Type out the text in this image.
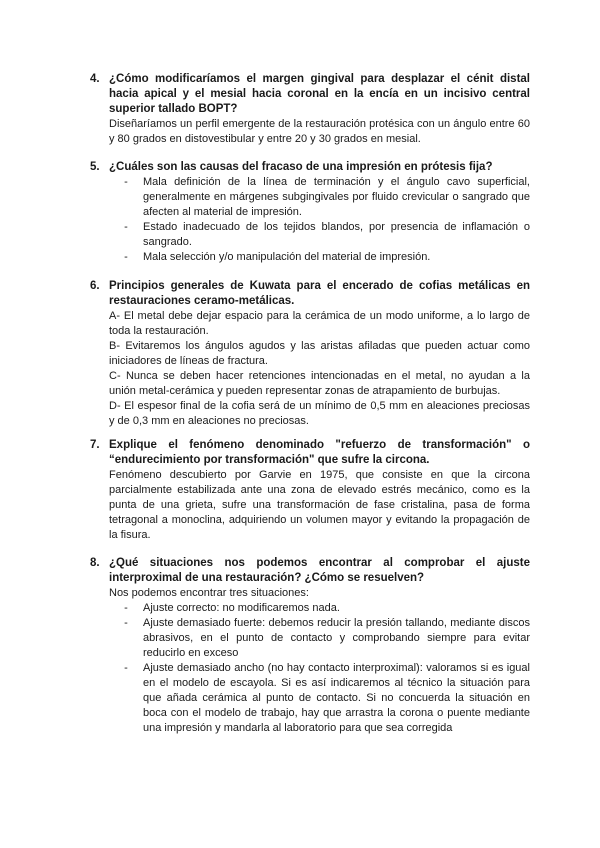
4. ¿Cómo modificaríamos el margen gingival para desplazar el cénit distal hacia apical y el mesial hacia coronal en la encía en un incisivo central superior tallado BOPT?

Diseñaríamos un perfil emergente de la restauración protésica con un ángulo entre 60 y 80 grados en distovestibular y entre 20 y 30 grados en mesial.

5. ¿Cuáles son las causas del fracaso de una impresión en prótesis fija?
-	Mala definición de la línea de terminación y el ángulo cavo superficial, generalmente en márgenes subgingivales por fluido crevicular o sangrado que afecten al material de impresión.
-	Estado inadecuado de los tejidos blandos, por presencia de inflamación o sangrado.
-	Mala selección y/o manipulación del material de impresión.
6. Principios generales de Kuwata para el encerado de cofias metálicas en restauraciones ceramo-metálicas.

A- El metal debe dejar espacio para la cerámica de un modo uniforme, a lo largo de toda la restauración.

B- Evitaremos los ángulos agudos y las aristas afiladas que pueden actuar como iniciadores de líneas de fractura.

C- Nunca se deben hacer retenciones intencionadas en el metal, no ayudan a la unión metal-cerámica y pueden representar zonas de atrapamiento de burbujas.

D- El espesor final de la cofia será de un mínimo de 0,5 mm en aleaciones preciosas y de 0,3 mm en aleaciones no preciosas.

7. Explique el fenómeno denominado "refuerzo de transformación" o “endurecimiento por transformación" que sufre la circona.

Fenómeno descubierto por Garvie en 1975, que consiste en que la circona parcialmente estabilizada ante una zona de elevado estrés mecánico, como es la punta de una grieta, sufre una transformación de fase cristalina, pasa de forma tetragonal a monoclina, adquiriendo un volumen mayor y evitando la propagación de la fisura.

8. ¿Qué situaciones nos podemos encontrar al comprobar el ajuste interproximal de una restauración? ¿Cómo se resuelven?

Nos podemos encontrar tres situaciones:

-	Ajuste correcto: no modificaremos nada.
-	Ajuste demasiado fuerte: debemos reducir la presión tallando, mediante discos abrasivos, en el punto de contacto y comprobando siempre para evitar reducirlo en exceso
-	Ajuste demasiado ancho (no hay contacto interproximal): valoramos si es igual en el modelo de escayola. Si es así indicaremos al técnico la situación para que añada cerámica al punto de contacto. Si no concuerda la situación en boca con el modelo de trabajo, hay que arrastra la corona o puente mediante una impresión y mandarla al laboratorio para que sea corregida
